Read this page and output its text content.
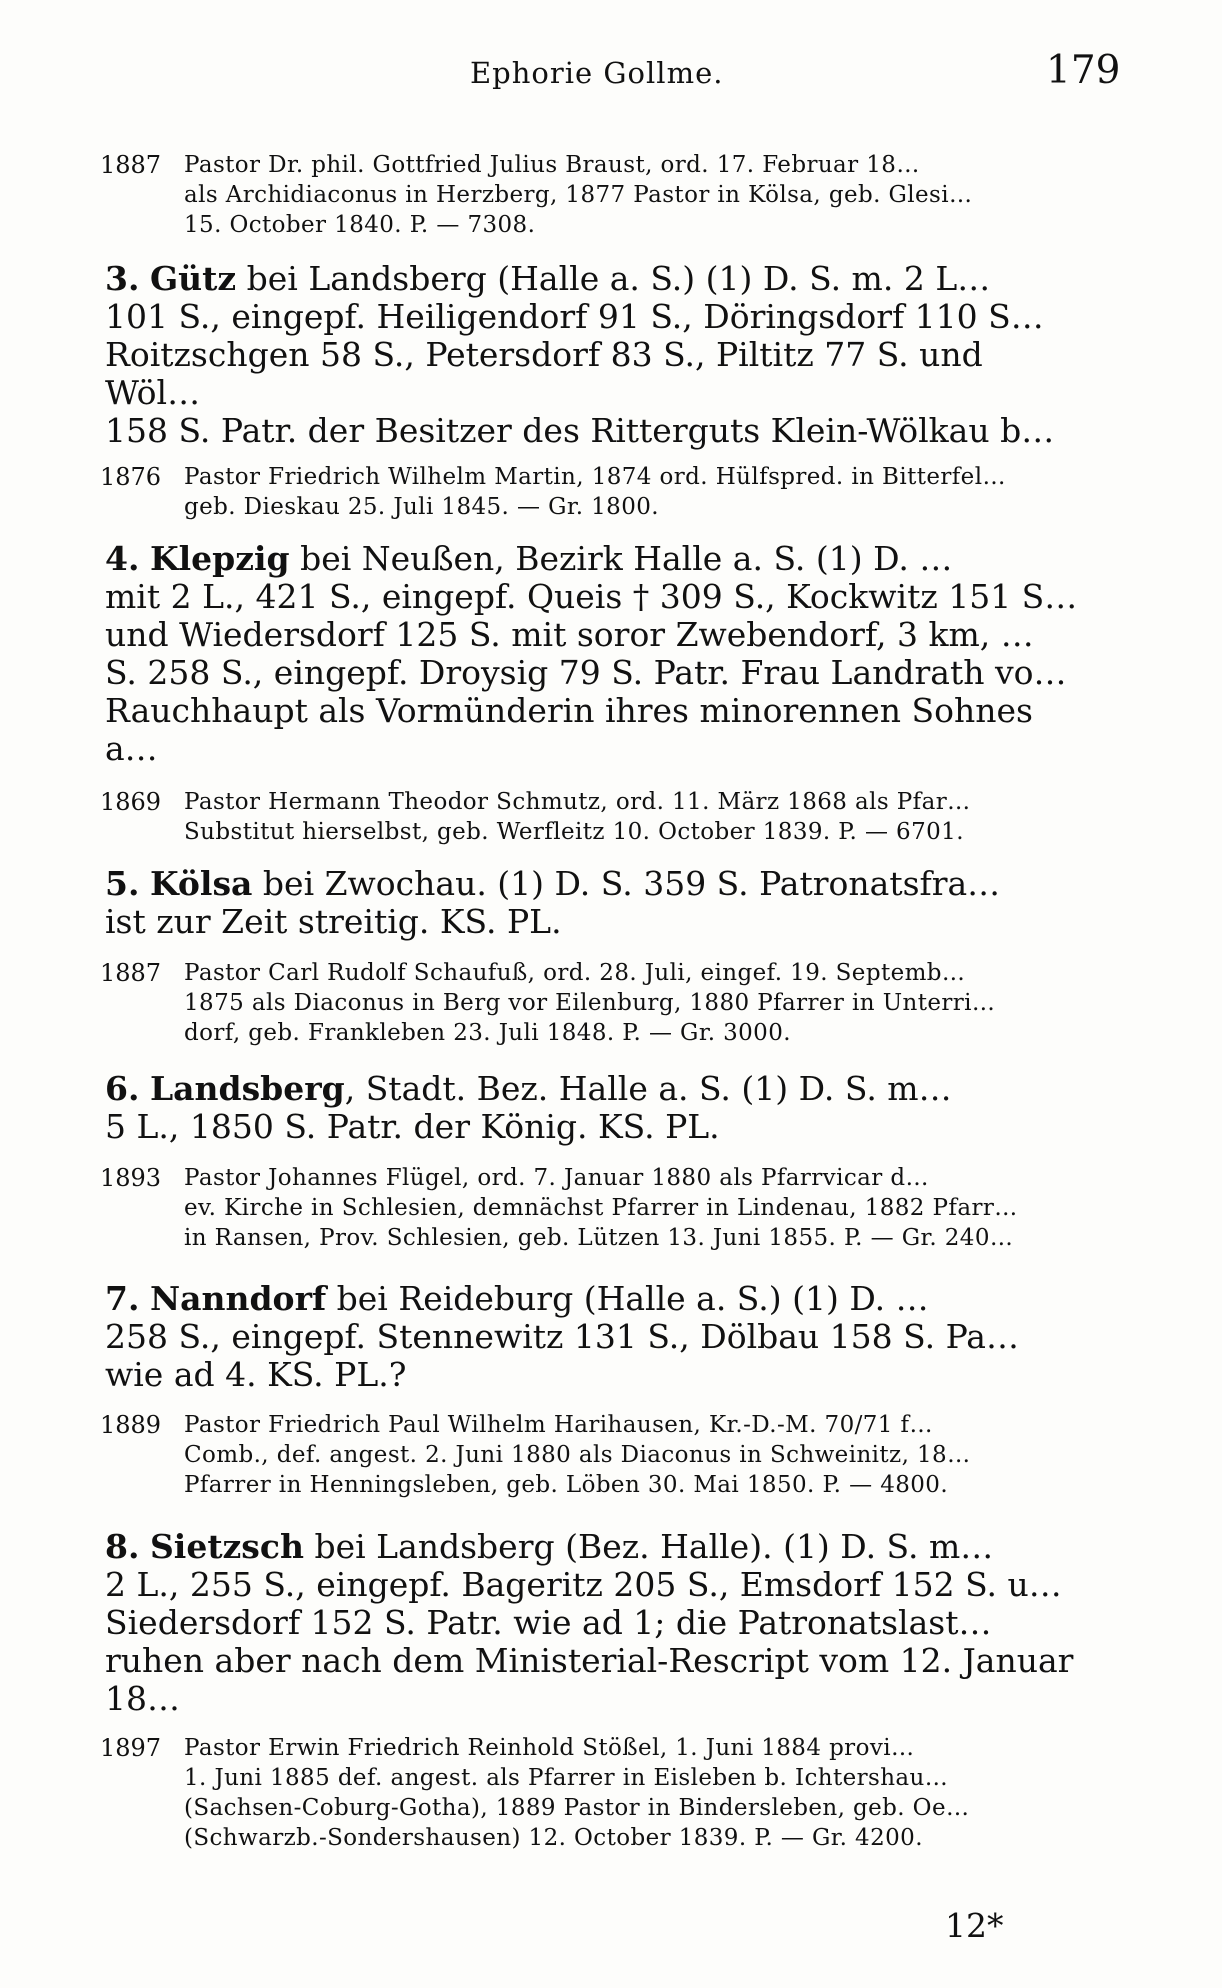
Ephorie Gollme.	179
1887 Pastor Dr. phil. Gottfried Julius Braust, ord. 17. Februar 18…
als Archidiaconus in Herzberg, 1877 Pastor in Kölsa, geb. Glesi…
15. October 1840. P. — 7308.
3. Gütz bei Landsberg (Halle a. S.) (1) D. S. m. 2 L…
101 S., eingepf. Heiligendorf 91 S., Döringsdorf 110 S…
Roitzschgen 58 S., Petersdorf 83 S., Piltitz 77 S. und Wöl…
158 S. Patr. der Besitzer des Ritterguts Klein-Wölkau b…

1876 Pastor Friedrich Wilhelm Martin, 1874 ord. Hülfspred. in Bitterfel…
geb. Dieskau 25. Juli 1845. — Gr. 1800.
4. Klepzig bei Neußen, Bezirk Halle a. S. (1) D. …
mit 2 L., 421 S., eingepf. Queis † 309 S., Kockwitz 151 S…
und Wiedersdorf 125 S. mit soror Zwebendorf, 3 km, …
S. 258 S., eingepf. Droysig 79 S. Patr. Frau Landrath vo…
Rauchhaupt als Vormünderin ihres minorennen Sohnes a…

1869 Pastor Hermann Theodor Schmutz, ord. 11. März 1868 als Pfar…
Substitut hierselbst, geb. Werfleitz 10. October 1839. P. — 6701.
5. Kölsa bei Zwochau. (1) D. S. 359 S. Patronatsfra…
ist zur Zeit streitig. KS. PL.
1887 Pastor Carl Rudolf Schaufuß, ord. 28. Juli, eingef. 19. Septemb…
1875 als Diaconus in Berg vor Eilenburg, 1880 Pfarrer in Unterri…
dorf, geb. Frankleben 23. Juli 1848. P. — Gr. 3000.
6. Landsberg, Stadt. Bez. Halle a. S. (1) D. S. m…
5 L., 1850 S. Patr. der König. KS. PL.
1893 Pastor Johannes Flügel, ord. 7. Januar 1880 als Pfarrvicar d…
ev. Kirche in Schlesien, demnächst Pfarrer in Lindenau, 1882 Pfarr…
in Ransen, Prov. Schlesien, geb. Lützen 13. Juni 1855. P. — Gr. 240…
7. Nanndorf bei Reideburg (Halle a. S.) (1) D. …
258 S., eingepf. Stennewitz 131 S., Dölbau 158 S. Pa…
wie ad 4. KS. PL.?
1889 Pastor Friedrich Paul Wilhelm Harihausen, Kr.-D.-M. 70/71 f…
Comb., def. angest. 2. Juni 1880 als Diaconus in Schweinitz, 18…
Pfarrer in Henningsleben, geb. Löben 30. Mai 1850. P. — 4800.
8. Sietzsch bei Landsberg (Bez. Halle). (1) D. S. m…
2 L., 255 S., eingepf. Bageritz 205 S., Emsdorf 152 S. u…
Siedersdorf 152 S. Patr. wie ad 1; die Patronatslast…
ruhen aber nach dem Ministerial-Rescript vom 12. Januar 18…

1897 Pastor Erwin Friedrich Reinhold Stößel, 1. Juni 1884 provi…
1. Juni 1885 def. angest. als Pfarrer in Eisleben b. Ichtershau…
(Sachsen-Coburg-Gotha), 1889 Pastor in Bindersleben, geb. Oe…
(Schwarzb.-Sondershausen) 12. October 1839. P. — Gr. 4200.
12*
